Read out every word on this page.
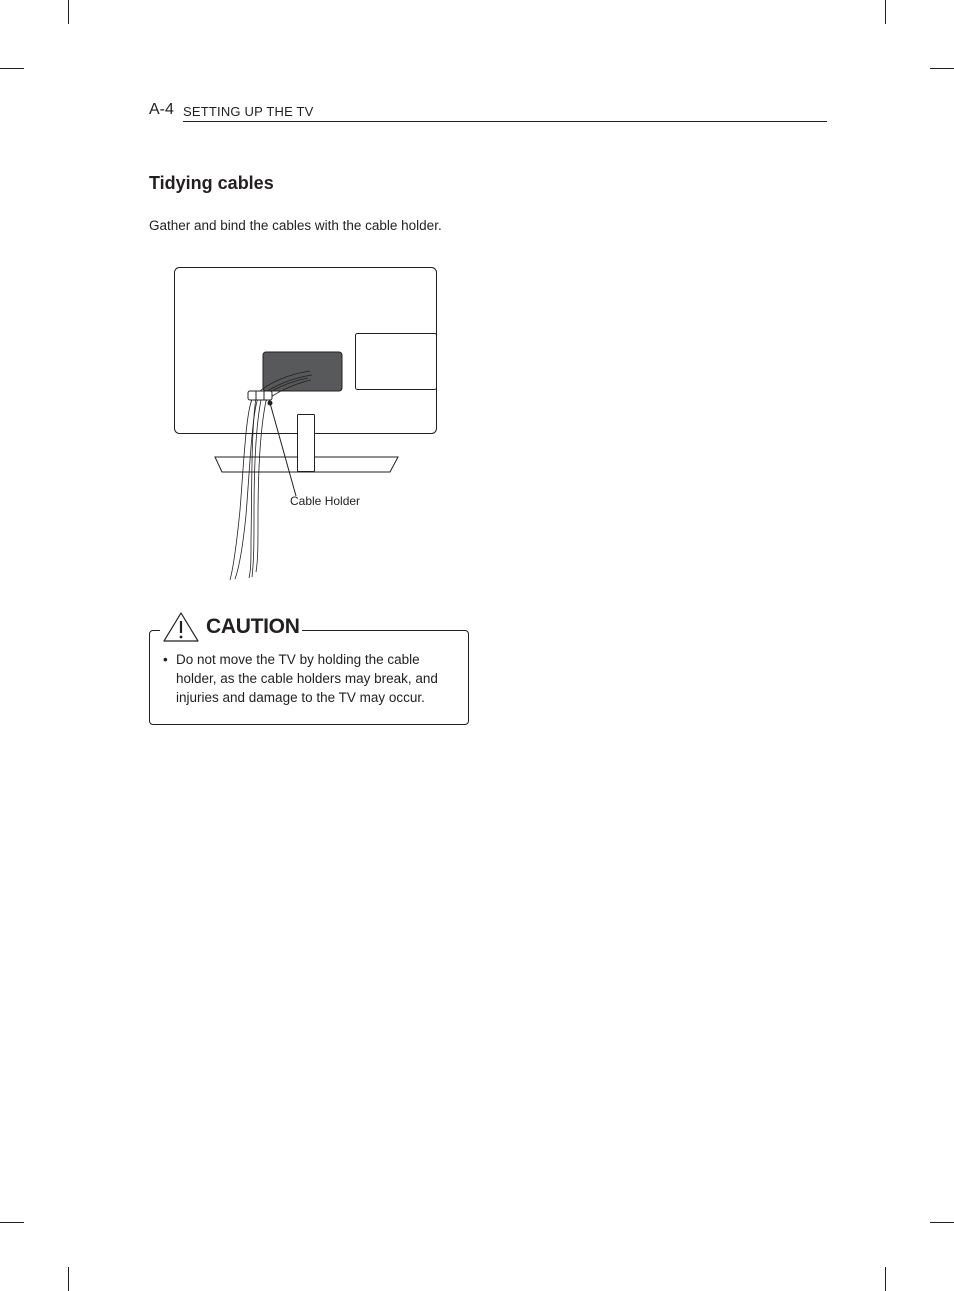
A-4 SETTING UP THE TV
Tidying cables

Gather and bind the cables with the cable holder.

Cable Holder
CAUTION
• Do not move the TV by holding the cable holder, as the cable holders may break, and injuries and damage to the TV may occur.
